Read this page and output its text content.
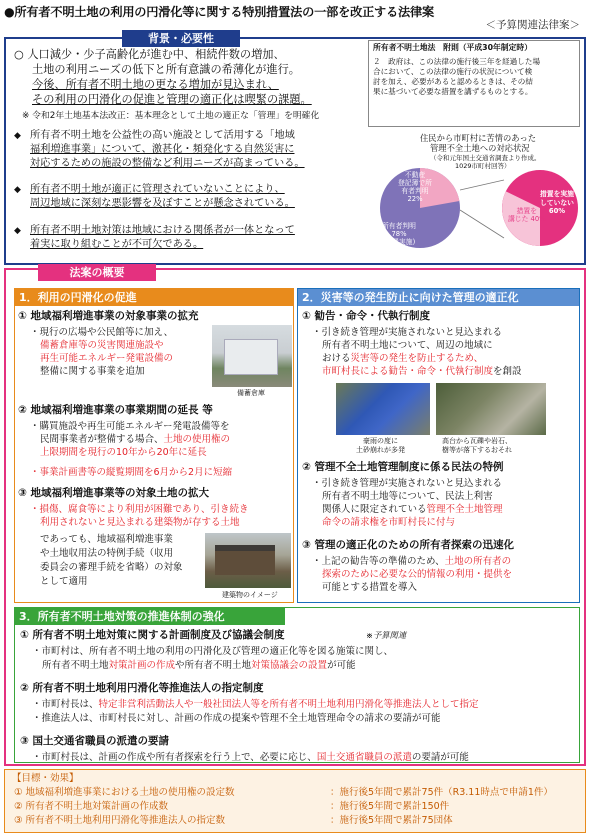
●所有者不明土地の利用の円滑化等に関する特別措置法の一部を改正する法律案
＜予算関連法律案＞
背景・必要性
○ 人口減少・少子高齢化が進む中、相続件数の増加、
土地の利用ニーズの低下と所有意識の希薄化が進行。
今後、所有者不明土地の更なる増加が見込まれ、
その利用の円滑化の促進と管理の適正化は喫緊の課題。
※ 令和2年土地基本法改正：基本理念として土地の適正な「管理」を明確化
◆ 所有者不明土地を公益性の高い施設として活用する「地域
福利増進事業」について、激甚化・頻発化する自然災害に
対応するための施設の整備など利用ニーズが高まっている。
◆ 所有者不明土地が適正に管理されていないことにより、
周辺地域に深刻な悪影響を及ぼすことが懸念されている。
◆ 所有者不明土地対策は地域における関係者が一体となって
着実に取り組むことが不可欠である。
所有者不明土地法　附則（平成30年制定時）
２　政府は、この法律の施行後三年を経過した場
合において、この法律の施行の状況について検
討を加え、必要があると認めるときは、その結
果に基づいて必要な措置を講ずるものとする。
住民から市町村に苦情のあった
管理不全土地への対応状況
（令和元年国土交通省調査より作成。
1029市町村回答）
不動産
登記簿で所
有者判明
22%
所有者判明
78%
(措置実施)
措置を実施
していない
60%
措置を
講じた 40%
法案の概要
1．利用の円滑化の促進
① 地域福利増進事業の対象事業の拡充
・現行の広場や公民館等に加え、
備蓄倉庫等の災害関連施設や
再生可能エネルギー発電設備の
整備に関する事業を追加
備蓄倉庫
② 地域福利増進事業の事業期間の延長 等
・購買施設や再生可能エネルギー発電設備等を
民間事業者が整備する場合、土地の使用権の
上限期間を現行の10年から20年に延長
・事業計画書等の縦覧期間を6月から2月に短縮
③ 地域福利増進事業等の対象土地の拡大
・損傷、腐食等により利用が困難であり、引き続き
利用されないと見込まれる建築物が存する土地
であっても、地域福利増進事業
や土地収用法の特例手続（収用
委員会の審理手続を省略）の対象
として適用
建築物のイメージ
2．災害等の発生防止に向けた管理の適正化
① 勧告・命令・代執行制度
・引き続き管理が実施されないと見込まれる
所有者不明土地について、周辺の地域に
おける災害等の発生を防止するため、
市町村長による勧告・命令・代執行制度を創設
豪雨の度に
土砂崩れが多発
高台から瓦礫や岩石、
樹等が落下するおそれ
② 管理不全土地管理制度に係る民法の特例
・引き続き管理が実施されないと見込まれる
所有者不明土地等について、民法上利害
関係人に限定されている管理不全土地管理
命令の請求権を市町村長に付与
③ 管理の適正化のための所有者探索の迅速化
・上記の勧告等の準備のため、土地の所有者の
探索のために必要な公的情報の利用・提供を
可能とする措置を導入
3．所有者不明土地対策の推進体制の強化
① 所有者不明土地対策に関する計画制度及び協議会制度	※予算関連
・市町村は、所有者不明土地の利用の円滑化及び管理の適正化等を図る施策に関し、
所有者不明土地対策計画の作成や所有者不明土地対策協議会の設置が可能
② 所有者不明土地利用円滑化等推進法人の指定制度
・市町村長は、特定非営利活動法人や一般社団法人等を所有者不明土地利用円滑化等推進法人として指定
・推進法人は、市町村長に対し、計画の作成の提案や管理不全土地管理命令の請求の要請が可能
③ 国土交通省職員の派遣の要請
・市町村長は、計画の作成や所有者探索を行う上で、必要に応じ、国土交通省職員の派遣の要請が可能
【目標・効果】
① 地域福利増進事業における土地の使用権の設定数	：施行後5年間で累計75件（R3.11時点で申請1件）
② 所有者不明土地対策計画の作成数	：施行後5年間で累計150件
③ 所有者不明土地利用円滑化等推進法人の指定数	：施行後5年間で累計75団体
